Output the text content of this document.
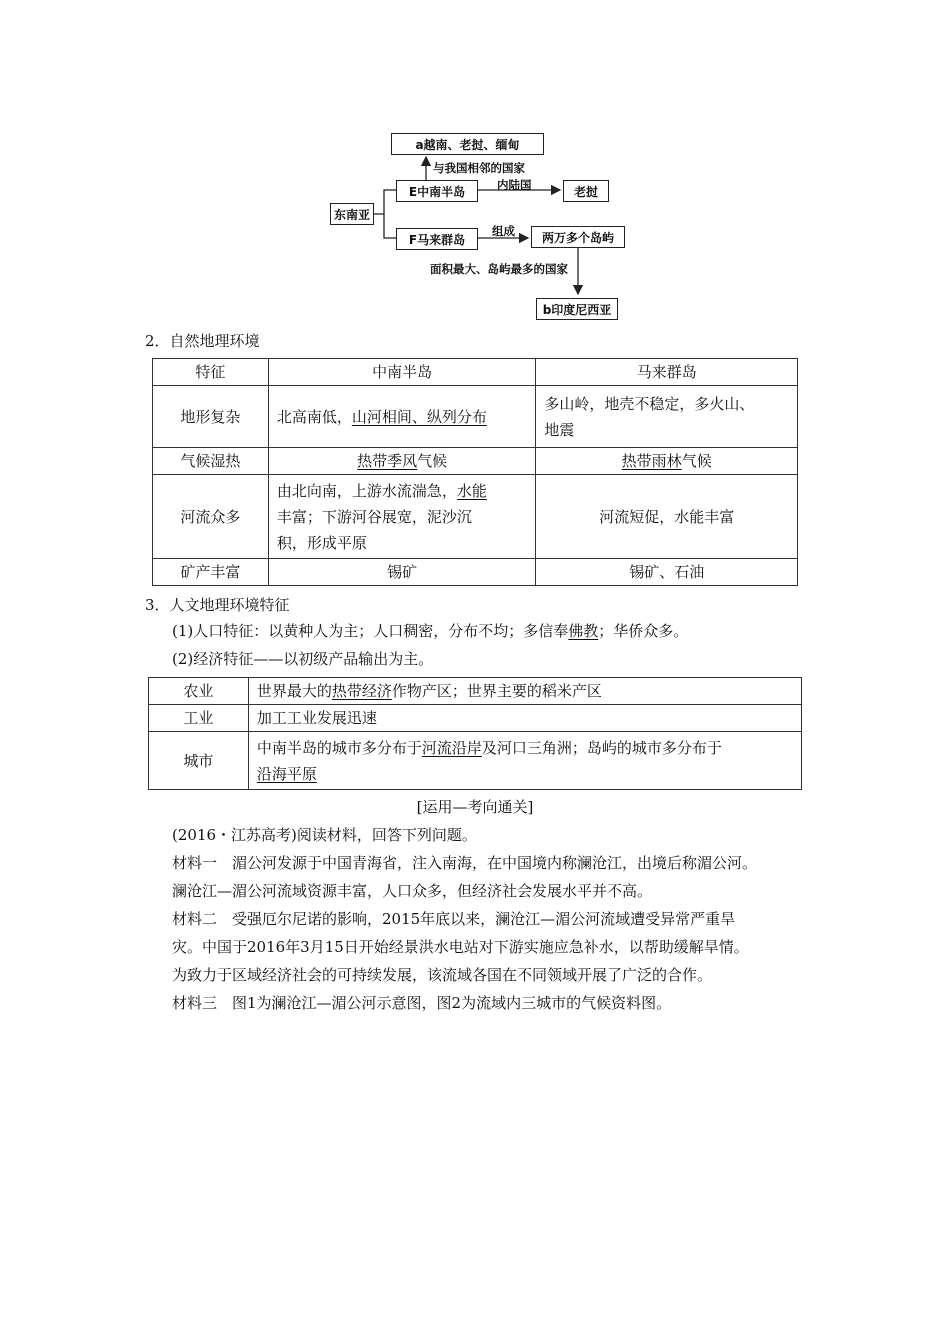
a越南、老挝、缅甸
与我国相邻的国家
E中南半岛	内陆国	老挝
东南亚
F马来群岛
组成	两万多个岛屿
面积最大、岛屿最多的国家
b印度尼西亚
2．自然地理环境
特征	中南半岛	马来群岛
地形复杂	北高南低，山河相间、纵列分布	多山岭，地壳不稳定，多火山、
地震

气候湿热	热带季风气候	热带雨林气候
河流众多	由北向南，上游水流湍急，水能
丰富；下游河谷展宽，泥沙沉
积，形成平原	河流短促，水能丰富
矿产丰富	锡矿	锡矿、石油
3．人文地理环境特征
(1)人口特征：以黄种人为主；人口稠密，分布不均；多信奉佛教；华侨众多。
(2)经济特征——以初级产品输出为主。
农业	世界最大的热带经济作物产区；世界主要的稻米产区
工业	加工工业发展迅速
城市	中南半岛的城市多分布于河流沿岸及河口三角洲；岛屿的城市多分布于
沿海平原
[运用—考向通关]
(2016・江苏高考)阅读材料，回答下列问题。
材料一　湄公河发源于中国青海省，注入南海，在中国境内称澜沧江，出境后称湄公河。
澜沧江—湄公河流域资源丰富，人口众多，但经济社会发展水平并不高。
材料二　受强厄尔尼诺的影响，2015年底以来，澜沧江—湄公河流域遭受异常严重旱
灾。中国于2016年3月15日开始经景洪水电站对下游实施应急补水，以帮助缓解旱情。
为致力于区域经济社会的可持续发展，该流域各国在不同领域开展了广泛的合作。
材料三　图1为澜沧江—湄公河示意图，图2为流域内三城市的气候资料图。
